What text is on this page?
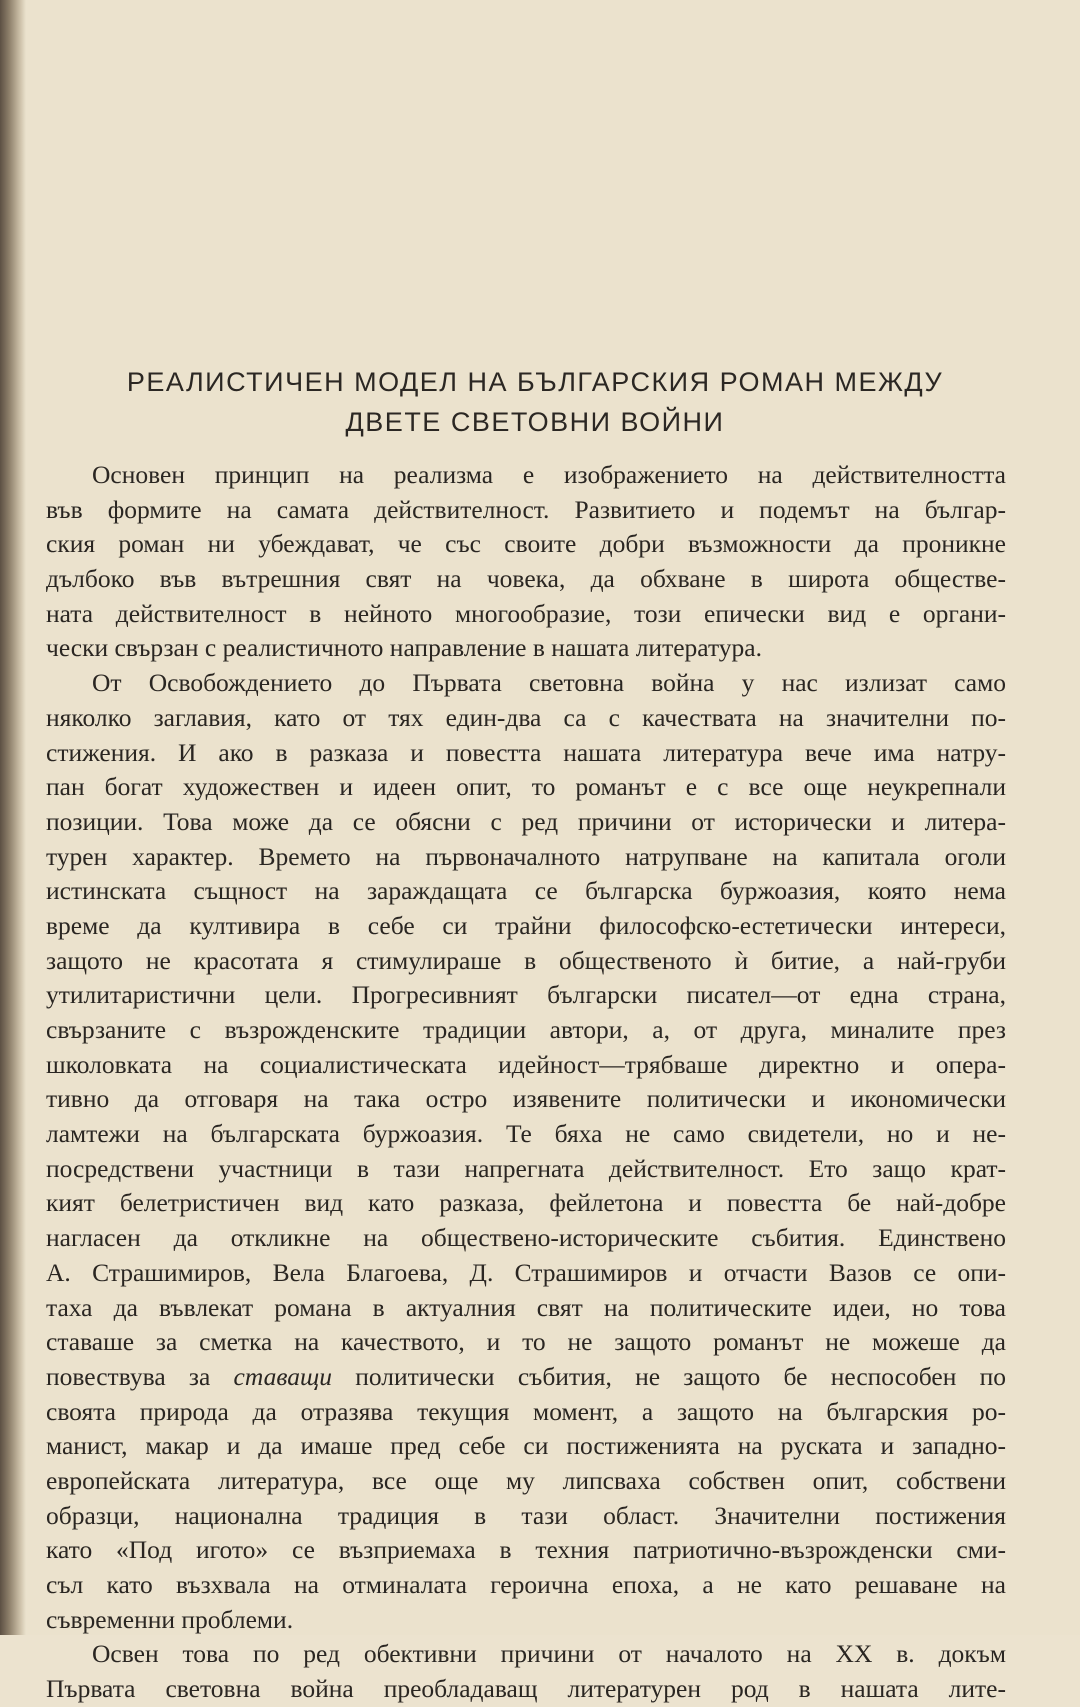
РЕАЛИСТИЧЕН МОДЕЛ НА БЪЛГАРСКИЯ РОМАН МЕЖДУ
ДВЕТЕ СВЕТОВНИ ВОЙНИ
Основен принцип на реализма е изображението на действителността
във формите на самата действителност. Развитието и подемът на българ-
ския роман ни убеждават, че със своите добри възможности да проникне
дълбоко във вътрешния свят на човека, да обхване в широта обществе-
ната действителност в нейното многообразие, този епически вид е органи-
чески свързан с реалистичното направление в нашата литература.
От Освобождението до Първата световна война у нас излизат само
няколко заглавия, като от тях един-два са с качествата на значителни по-
стижения. И ако в разказа и повестта нашата литература вече има натру-
пан богат художествен и идеен опит, то романът е с все още неукрепнали
позиции. Това може да се обясни с ред причини от исторически и литера-
турен характер. Времето на първоначалното натрупване на капитала оголи
истинската същност на зараждащата се българска буржоазия, която нема
време да култивира в себе си трайни философско-естетически интереси,
защото не красотата я стимулираше в общественото ѝ битие, а най-груби
утилитаристични цели. Прогресивният български писател—от една страна,
свързаните с възрожденските традиции автори, а, от друга, миналите през
школовката на социалистическата идейност—трябваше директно и опера-
тивно да отговаря на така остро изявените политически и икономически
ламтежи на българската буржоазия. Те бяха не само свидетели, но и не-
посредствени участници в тази напрегната действителност. Ето защо крат-
кият белетристичен вид като разказа, фейлетона и повестта бе най-добре
нагласен да откликне на обществено-историческите събития. Единствено
А. Страшимиров, Вела Благоева, Д. Страшимиров и отчасти Вазов се опи-
таха да въвлекат романа в актуалния свят на политическите идеи, но това
ставаше за сметка на качеството, и то не защото романът не можеше да
повествува за ставащи политически събития, не защото бе неспособен по
своята природа да отразява текущия момент, а защото на българския ро-
манист, макар и да имаше пред себе си постиженията на руската и западно-
европейската литература, все още му липсваха собствен опит, собствени
образци, национална традиция в тази област. Значителни постижения
като «Под игото» се възприемаха в техния патриотично-възрожденски сми-
съл като възхвала на отминалата героична епоха, а не като решаване на
съвременни проблеми.
Освен това по ред обективни причини от началото на XX в. докъм
Първата световна война преобладаващ литературен род в нашата лите-
